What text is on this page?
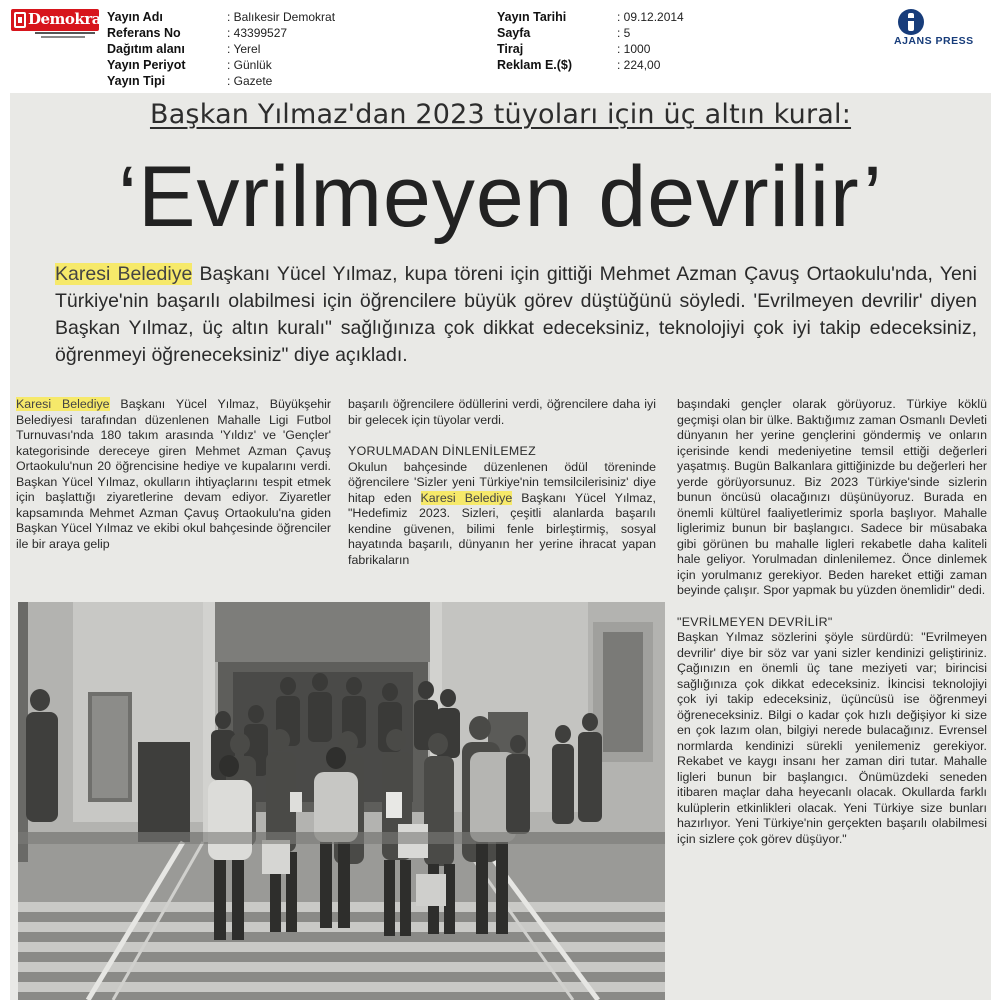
Demokrat Yayın Adı	: Balıkesir Demokrat
Referans No	: 43399527
Dağıtım alanı	: Yerel
Yayın Periyot	: Günlük
Yayın Tipi	: Gazete
Yayın Tarihi	: 09.12.2014
Sayfa	: 5
Tiraj	: 1000
Reklam E.($)	: 224,00
AJANS PRESS
Başkan Yılmaz'dan 2023 tüyoları için üç altın kural:
‘Evrilmeyen devrilir’
Karesi Belediye Başkanı Yücel Yılmaz, kupa töreni için gittiği Mehmet Azman Çavuş Ortaokulu'nda, Yeni Türkiye'nin başarılı olabilmesi için öğrencilere büyük görev düştüğünü söyledi. 'Evrilmeyen devrilir' diyen Başkan Yılmaz, üç altın kuralı" sağlığınıza çok dikkat edeceksiniz, teknolojiyi çok iyi takip edeceksiniz, öğrenmeyi öğreneceksiniz" diye açıkladı.

Karesi Belediye Başkanı Yücel Yılmaz, Büyükşehir Belediyesi tarafından düzenlenen Mahalle Ligi Futbol Turnuvası'nda 180 takım arasında 'Yıldız' ve 'Gençler' kategorisinde dereceye giren Mehmet Azman Çavuş Ortaokulu'nun 20 öğrencisine hediye ve kupalarını verdi. Başkan Yücel Yılmaz, okulların ihtiyaçlarını tespit etmek için başlattığı ziyaretlerine devam ediyor. Ziyaretler kapsamında Mehmet Azman Çavuş Ortaokulu'na giden Başkan Yücel Yılmaz ve ekibi okul bahçesinde öğrenciler ile bir araya gelip

başarılı öğrencilere ödüllerini verdi, öğrencilere daha iyi bir gelecek için tüyolar verdi.

YORULMADAN DİNLENİLEMEZ

Okulun bahçesinde düzenlenen ödül töreninde öğrencilere 'Sizler yeni Türkiye'nin temsilcilerisiniz' diye hitap eden Karesi Belediye Başkanı Yücel Yılmaz, "Hedefimiz 2023. Sizleri, çeşitli alanlarda başarılı kendine güvenen, bilimi fenle birleştirmiş, sosyal hayatında başarılı, dünyanın her yerine ihracat yapan fabrikaların

başındaki gençler olarak görüyoruz. Türkiye köklü geçmişi olan bir ülke. Baktığımız zaman Osmanlı Devleti dünyanın her yerine gençlerini göndermiş ve onların içerisinde kendi medeniyetine temsil ettiği değerleri yaşatmış. Bugün Balkanlara gittiğinizde bu değerleri her yerde görüyorsunuz. Biz 2023 Türkiye'sinde sizlerin bunun öncüsü olacağınızı düşünüyoruz. Burada en önemli kültürel faaliyetlerimiz sporla başlıyor. Mahalle liglerimiz bunun bir başlangıcı. Sadece bir müsabaka gibi görünen bu mahalle ligleri rekabetle daha kaliteli hale geliyor. Yorulmadan dinlenilemez. Önce dinlemek için yorulmanız gerekiyor. Beden hareket ettiği zaman beyinde çalışır. Spor yapmak bu yüzden önemlidir" dedi.

"EVRİLMEYEN DEVRİLİR"

Başkan Yılmaz sözlerini şöyle sürdürdü: "Evrilmeyen devrilir' diye bir söz var yani sizler kendinizi geliştiriniz. Çağınızın en önemli üç tane meziyeti var; birincisi sağlığınıza çok dikkat edeceksiniz. İkincisi teknolojiyi çok iyi takip edeceksiniz, üçüncüsü ise öğrenmeyi öğreneceksiniz. Bilgi o kadar çok hızlı değişiyor ki size en çok lazım olan, bilgiyi nerede bulacağınız. Evrensel normlarda kendinizi sürekli yenilemeniz gerekiyor. Rekabet ve kaygı insanı her zaman diri tutar. Mahalle ligleri bunun bir başlangıcı. Önümüzdeki seneden itibaren maçlar daha heyecanlı olacak. Okullarda farklı kulüplerin etkinlikleri olacak. Yeni Türkiye size bunları hazırlıyor. Yeni Türkiye'nin gerçekten başarılı olabilmesi için sizlere çok görev düşüyor."
